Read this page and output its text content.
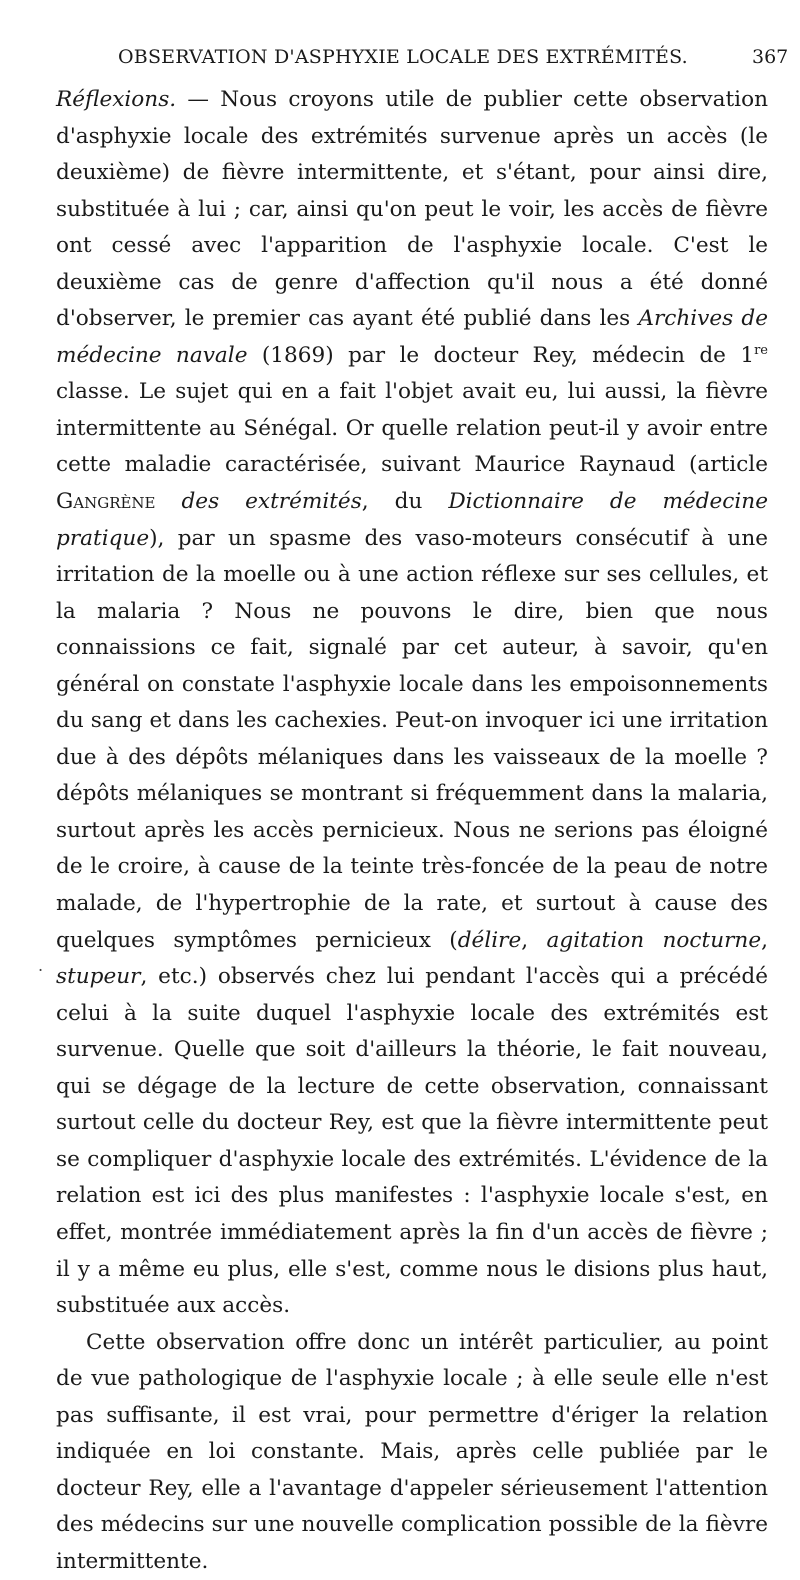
OBSERVATION D'ASPHYXIE LOCALE DES EXTRÉMITÉS.	367
.

Réflexions. — Nous croyons utile de publier cette observation d'asphyxie locale des extrémités survenue après un accès (le deuxième) de fièvre intermittente, et s'étant, pour ainsi dire, substituée à lui ; car, ainsi qu'on peut le voir, les accès de fièvre ont cessé avec l'apparition de l'asphyxie locale. C'est le deuxième cas de genre d'affection qu'il nous a été donné d'observer, le premier cas ayant été publié dans les Archives de médecine navale (1869) par le docteur Rey, médecin de 1re classe. Le sujet qui en a fait l'objet avait eu, lui aussi, la fièvre intermittente au Sénégal. Or quelle relation peut-il y avoir entre cette maladie caractérisée, suivant Maurice Raynaud (article Gangrène des extrémités, du Dictionnaire de médecine pratique), par un spasme des vaso-moteurs consécutif à une irritation de la moelle ou à une action réflexe sur ses cellules, et la malaria ? Nous ne pouvons le dire, bien que nous connaissions ce fait, signalé par cet auteur, à savoir, qu'en général on constate l'asphyxie locale dans les empoisonnements du sang et dans les cachexies. Peut-on invoquer ici une irritation due à des dépôts mélaniques dans les vaisseaux de la moelle ? dépôts mélaniques se montrant si fréquemment dans la malaria, surtout après les accès pernicieux. Nous ne serions pas éloigné de le croire, à cause de la teinte très-foncée de la peau de notre malade, de l'hypertrophie de la rate, et surtout à cause des quelques symptômes pernicieux (délire, agitation nocturne, stupeur, etc.) observés chez lui pendant l'accès qui a précédé celui à la suite duquel l'asphyxie locale des extrémités est survenue. Quelle que soit d'ailleurs la théorie, le fait nouveau, qui se dégage de la lecture de cette observation, connaissant surtout celle du docteur Rey, est que la fièvre intermittente peut se compliquer d'asphyxie locale des extrémités. L'évidence de la relation est ici des plus manifestes : l'asphyxie locale s'est, en effet, montrée immédiatement après la fin d'un accès de fièvre ; il y a même eu plus, elle s'est, comme nous le disions plus haut, substituée aux accès.

Cette observation offre donc un intérêt particulier, au point de vue pathologique de l'asphyxie locale ; à elle seule elle n'est pas suffisante, il est vrai, pour permettre d'ériger la relation indiquée en loi constante. Mais, après celle publiée par le docteur Rey, elle a l'avantage d'appeler sérieusement l'attention des médecins sur une nouvelle complication possible de la fièvre intermittente.
